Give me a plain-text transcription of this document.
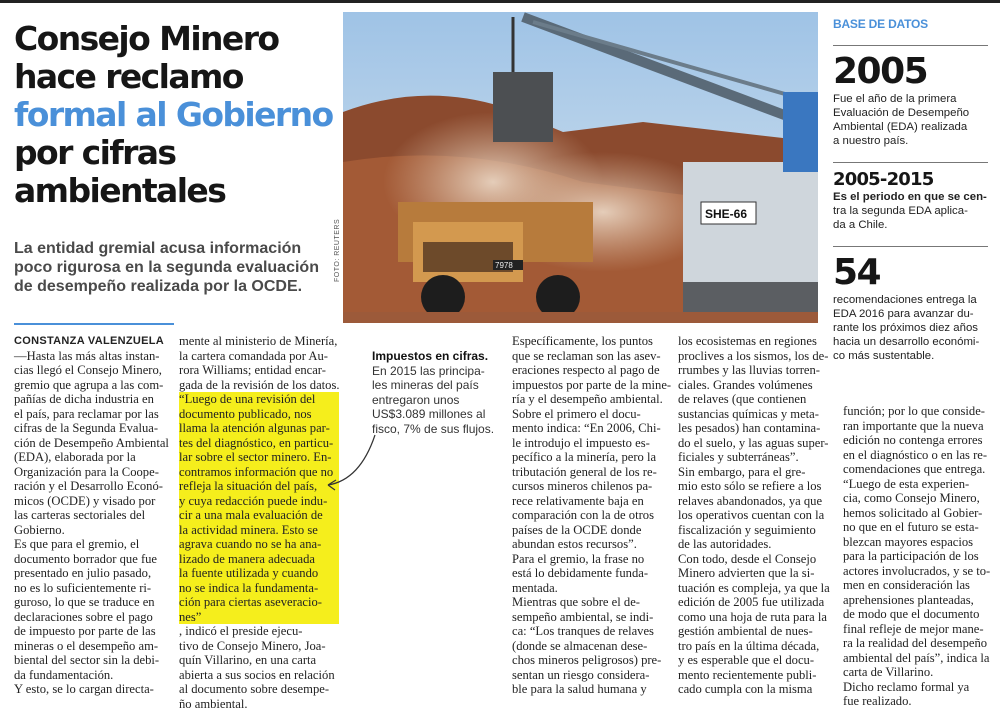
Consejo Minero
hace reclamo
formal al Gobierno
por cifras
ambientales
La entidad gremial acusa información
poco rigurosa en la segunda evaluación
de desempeño realizada por la OCDE.
SHE-66
7978
FOTO: REUTERS
BASE DE DATOS
2005
Fue el año de la primera
Evaluación de Desempeño
Ambiental (EDA) realizada
a nuestro país.
2005-2015
Es el periodo en que se cen-
tra la segunda EDA aplica-
da a Chile.
54
recomendaciones entrega la
EDA 2016 para avanzar du-
rante los próximos diez años
hacia un desarrollo económi-
co más sustentable.
CONSTANZA VALENZUELA
—Hasta las más altas instan-
cias llegó el Consejo Minero,
gremio que agrupa a las com-
pañías de dicha industria en
el país, para reclamar por las
cifras de la Segunda Evalua-
ción de Desempeño Ambiental
(EDA), elaborada por la
Organización para la Coope-
ración y el Desarrollo Econó-
micos (OCDE) y visado por
las carteras sectoriales del
Gobierno.
Es que para el gremio, el
documento borrador que fue
presentado en julio pasado,
no es lo suficientemente ri-
guroso, lo que se traduce en
declaraciones sobre el pago
de impuesto por parte de las
mineras o el desempeño am-
biental del sector sin la debi-
da fundamentación.
Y esto, se lo cargan directa-
mente al ministerio de Minería,
la cartera comandada por Au-
rora Williams; entidad encar-
gada de la revisión de los datos.
“Luego de una revisión del
documento publicado, nos
llama la atención algunas par-
tes del diagnóstico, en particu-
lar sobre el sector minero. En-
contramos información que no
refleja la situación del país,
y cuya redacción puede indu-
cir a una mala evaluación de
la actividad minera. Esto se
agrava cuando no se ha ana-
lizado de manera adecuada
la fuente utilizada y cuando
no se indica la fundamenta-
ción para ciertas aseveracio-
nes”
, indicó el preside ejecu-
tivo de Consejo Minero, Joa-
quín Villarino, en una carta
abierta a sus socios en relación
al documento sobre desempe-
ño ambiental.
Impuestos en cifras.
En 2015 las principa-
les mineras del país
entregaron unos
US$3.089 millones al
fisco, 7% de sus flujos.
Específicamente, los puntos
que se reclaman son las asev-
eraciones respecto al pago de
impuestos por parte de la mine-
ría y el desempeño ambiental.
Sobre el primero el docu-
mento indica: “En 2006, Chi-
le introdujo el impuesto es-
pecífico a la minería, pero la
tributación general de los re-
cursos mineros chilenos pa-
rece relativamente baja en
comparación con la de otros
países de la OCDE donde
abundan estos recursos”.
Para el gremio, la frase no
está lo debidamente funda-
mentada.
Mientras que sobre el de-
sempeño ambiental, se indi-
ca: “Los tranques de relaves
(donde se almacenan dese-
chos mineros peligrosos) pre-
sentan un riesgo considera-
ble para la salud humana y
los ecosistemas en regiones
proclives a los sismos, los de-
rrumbes y las lluvias torren-
ciales. Grandes volúmenes
de relaves (que contienen
sustancias químicas y meta-
les pesados) han contamina-
do el suelo, y las aguas super-
ficiales y subterráneas”.
Sin embargo, para el gre-
mio esto sólo se refiere a los
relaves abandonados, ya que
los operativos cuentan con la
fiscalización y seguimiento
de las autoridades.
Con todo, desde el Consejo
Minero advierten que la si-
tuación es compleja, ya que la
edición de 2005 fue utilizada
como una hoja de ruta para la
gestión ambiental de nues-
tro país en la última década,
y es esperable que el docu-
mento recientemente publi-
cado cumpla con la misma
función; por lo que conside-
ran importante que la nueva
edición no contenga errores
en el diagnóstico o en las re-
comendaciones que entrega.
“Luego de esta experien-
cia, como Consejo Minero,
hemos solicitado al Gobier-
no que en el futuro se esta-
blezcan mayores espacios
para la participación de los
actores involucrados, y se to-
men en consideración las
aprehensiones planteadas,
de modo que el documento
final refleje de mejor mane-
ra la realidad del desempeño
ambiental del país”, indica la
carta de Villarino.
Dicho reclamo formal ya
fue realizado.
